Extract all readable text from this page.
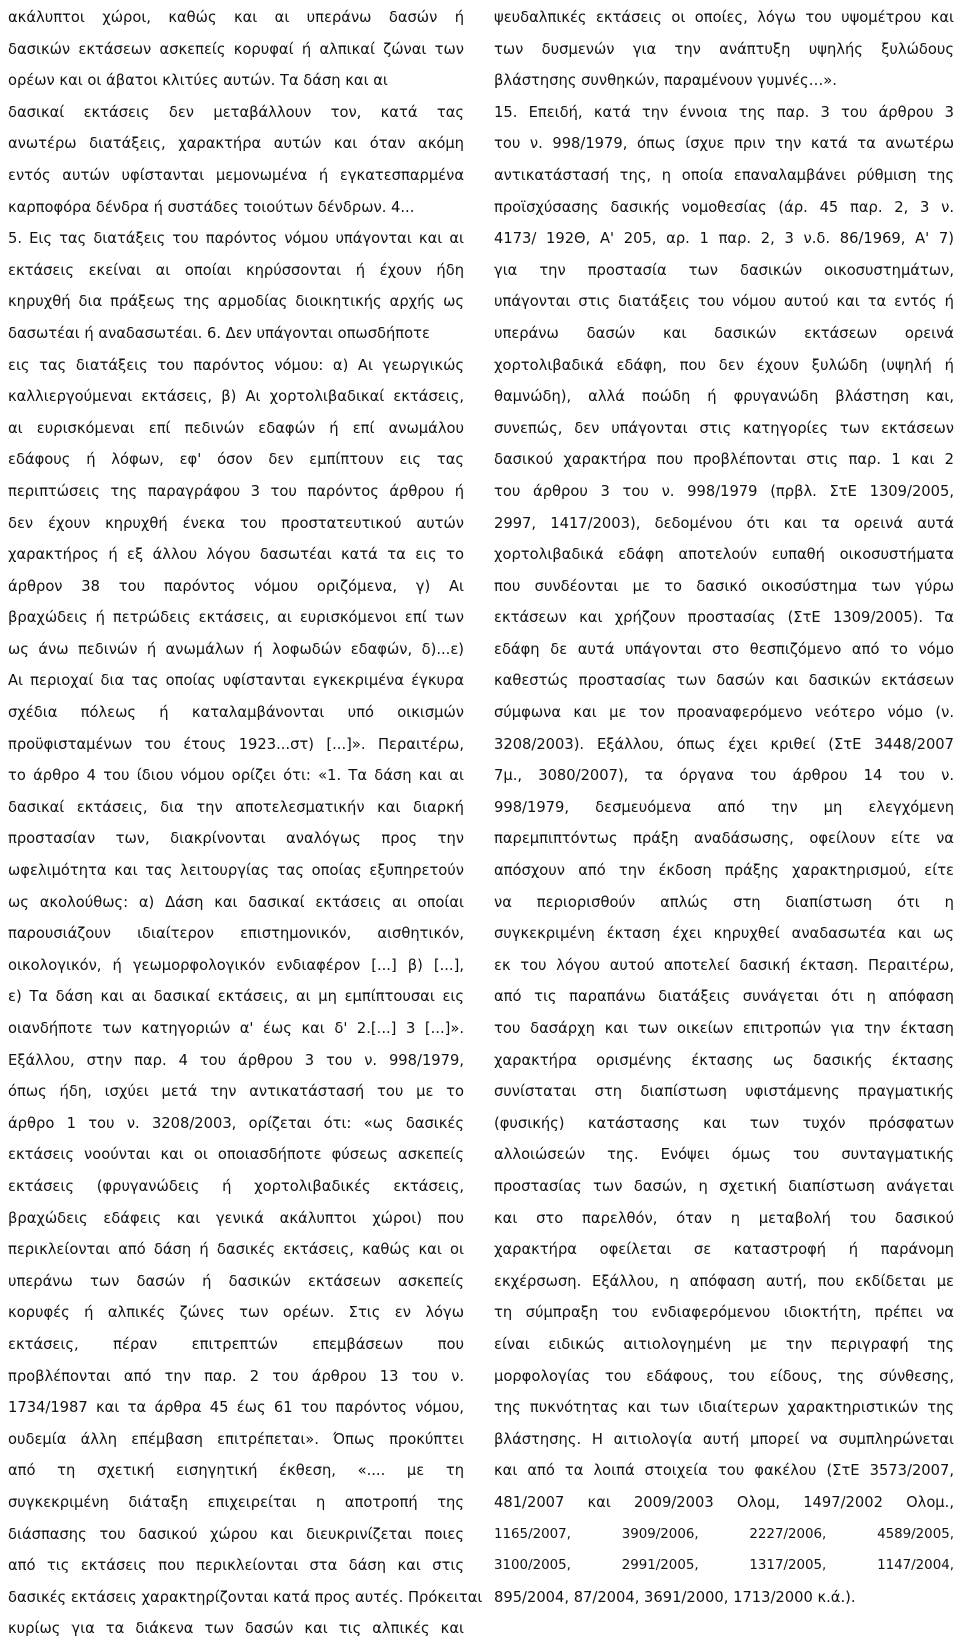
ακάλυπτοι χώροι, καθώς και αι υπεράνω δασών ή

δασικών εκτάσεων ασκεπείς κορυφαί ή αλπικαί ζώναι των

ορέων και οι άβατοι κλιτύες αυτών. Τα δάση και αι

δασικαί εκτάσεις δεν μεταβάλλουν τον, κατά τας

ανωτέρω διατάξεις, χαρακτήρα αυτών και όταν ακόμη

εντός αυτών υφίστανται μεμονωμένα ή εγκατεσπαρμένα

καρποφόρα δένδρα ή συστάδες τοιούτων δένδρων. 4...

5. Εις τας διατάξεις του παρόντος νόμου υπάγονται και αι

εκτάσεις εκείναι αι οποίαι κηρύσσονται ή έχουν ήδη

κηρυχθή δια πράξεως της αρμοδίας διοικητικής αρχής ως

δασωτέαι ή αναδασωτέαι. 6. Δεν υπάγονται οπωσδήποτε

εις τας διατάξεις του παρόντος νόμου: α) Αι γεωργικώς

καλλιεργούμεναι εκτάσεις, β) Αι χορτολιβαδικαί εκτάσεις,

αι ευρισκόμεναι επί πεδινών εδαφών ή επί ανωμάλου

εδάφους ή λόφων, εφ' όσον δεν εμπίπτουν εις τας

περιπτώσεις της παραγράφου 3 του παρόντος άρθρου ή

δεν έχουν κηρυχθή ένεκα του προστατευτικού αυτών

χαρακτήρος ή εξ άλλου λόγου δασωτέαι κατά τα εις το

άρθρον 38 του παρόντος νόμου οριζόμενα, γ) Αι

βραχώδεις ή πετρώδεις εκτάσεις, αι ευρισκόμενοι επί των

ως άνω πεδινών ή ανωμάλων ή λοφωδών εδαφών, δ)...ε)

Αι περιοχαί δια τας οποίας υφίστανται εγκεκριμένα έγκυρα

σχέδια πόλεως ή καταλαμβάνονται υπό οικισμών

προϋφισταμένων του έτους 1923...στ) [...]». Περαιτέρω,

το άρθρο 4 του ίδιου νόμου ορίζει ότι: «1. Τα δάση και αι

δασικαί εκτάσεις, δια την αποτελεσματικήν και διαρκή

προστασίαν των, διακρίνονται αναλόγως προς την

ωφελιμότητα και τας λειτουργίας τας οποίας εξυπηρετούν

ως ακολούθως: α) Δάση και δασικαί εκτάσεις αι οποίαι

παρουσιάζουν ιδιαίτερον επιστημονικόν, αισθητικόν,

οικολογικόν, ή γεωμορφολογικόν ενδιαφέρον [...] β) [...],

ε) Τα δάση και αι δασικαί εκτάσεις, αι μη εμπίπτουσαι εις

οιανδήποτε των κατηγοριών α' έως και δ' 2.[...] 3 [...]».

Εξάλλου, στην παρ. 4 του άρθρου 3 του ν. 998/1979,

όπως ήδη, ισχύει μετά την αντικατάστασή του με το

άρθρο 1 του ν. 3208/2003, ορίζεται ότι: «ως δασικές

εκτάσεις νοούνται και οι οποιασδήποτε φύσεως ασκεπείς

εκτάσεις (φρυγανώδεις ή χορτολιβαδικές εκτάσεις,

βραχώδεις εδάφεις και γενικά ακάλυπτοι χώροι) που

περικλείονται από δάση ή δασικές εκτάσεις, καθώς και οι

υπεράνω των δασών ή δασικών εκτάσεων ασκεπείς

κορυφές ή αλπικές ζώνες των ορέων. Στις εν λόγω

εκτάσεις, πέραν επιτρεπτών επεμβάσεων που

προβλέπονται από την παρ. 2 του άρθρου 13 του ν.

1734/1987 και τα άρθρα 45 έως 61 του παρόντος νόμου,

ουδεμία άλλη επέμβαση επιτρέπεται». Όπως προκύπτει

από τη σχετική εισηγητική έκθεση, «.... με τη

συγκεκριμένη διάταξη επιχειρείται η αποτροπή της

διάσπασης του δασικού χώρου και διευκρινίζεται ποιες

από τις εκτάσεις που περικλείονται στα δάση και στις

δασικές εκτάσεις χαρακτηρίζονται κατά προς αυτές. Πρόκειται

κυρίως για τα διάκενα των δασών και τις αλπικές και

ψευδαλπικές εκτάσεις οι οποίες, λόγω του υψομέτρου και

των δυσμενών για την ανάπτυξη υψηλής ξυλώδους

βλάστησης συνθηκών, παραμένουν γυμνές…».

15. Επειδή, κατά την έννοια της παρ. 3 του άρθρου 3

του ν. 998/1979, όπως ίσχυε πριν την κατά τα ανωτέρω

αντικατάστασή της, η οποία επαναλαμβάνει ρύθμιση της

προϊσχύσασης δασικής νομοθεσίας (άρ. 45 παρ. 2, 3 ν.

4173/ 192Θ, Α' 205, αρ. 1 παρ. 2, 3 ν.δ. 86/1969, Α' 7)

για την προστασία των δασικών οικοσυστημάτων,

υπάγονται στις διατάξεις του νόμου αυτού και τα εντός ή

υπεράνω δασών και δασικών εκτάσεων ορεινά

χορτολιβαδικά εδάφη, που δεν έχουν ξυλώδη (υψηλή ή

θαμνώδη), αλλά ποώδη ή φρυγανώδη βλάστηση και,

συνεπώς, δεν υπάγονται στις κατηγορίες των εκτάσεων

δασικού χαρακτήρα που προβλέπονται στις παρ. 1 και 2

του άρθρου 3 του ν. 998/1979 (πρβλ. ΣτΕ 1309/2005,

2997, 1417/2003), δεδομένου ότι και τα ορεινά αυτά

χορτολιβαδικά εδάφη αποτελούν ευπαθή οικοσυστήματα

που συνδέονται με το δασικό οικοσύστημα των γύρω

εκτάσεων και χρήζουν προστασίας (ΣτΕ 1309/2005). Τα

εδάφη δε αυτά υπάγονται στο θεσπιζόμενο από το νόμο

καθεστώς προστασίας των δασών και δασικών εκτάσεων

σύμφωνα και με τον προαναφερόμενο νεότερο νόμο (ν.

3208/2003). Εξάλλου, όπως έχει κριθεί (ΣτΕ 3448/2007

7μ., 3080/2007), τα όργανα του άρθρου 14 του ν.

998/1979, δεσμευόμενα από την μη ελεγχόμενη

παρεμπιπτόντως πράξη αναδάσωσης, οφείλουν είτε να

απόσχουν από την έκδοση πράξης χαρακτηρισμού, είτε

να περιορισθούν απλώς στη διαπίστωση ότι η

συγκεκριμένη έκταση έχει κηρυχθεί αναδασωτέα και ως

εκ του λόγου αυτού αποτελεί δασική έκταση. Περαιτέρω,

από τις παραπάνω διατάξεις συνάγεται ότι η απόφαση

του δασάρχη και των οικείων επιτροπών για την έκταση

χαρακτήρα ορισμένης έκτασης ως δασικής έκτασης

συνίσταται στη διαπίστωση υφιστάμενης πραγματικής

(φυσικής) κατάστασης και των τυχόν πρόσφατων

αλλοιώσεών της. Ενόψει όμως του συνταγματικής

προστασίας των δασών, η σχετική διαπίστωση ανάγεται

και στο παρελθόν, όταν η μεταβολή του δασικού

χαρακτήρα οφείλεται σε καταστροφή ή παράνομη

εκχέρσωση. Εξάλλου, η απόφαση αυτή, που εκδίδεται με

τη σύμπραξη του ενδιαφερόμενου ιδιοκτήτη, πρέπει να

είναι ειδικώς αιτιολογημένη με την περιγραφή της

μορφολογίας του εδάφους, του είδους, της σύνθεσης,

της πυκνότητας και των ιδιαίτερων χαρακτηριστικών της

βλάστησης. Η αιτιολογία αυτή μπορεί να συμπληρώνεται

και από τα λοιπά στοιχεία του φακέλου (ΣτΕ 3573/2007,

481/2007 και 2009/2003 Ολομ, 1497/2002 Ολομ.,

1165/2007, 3909/2006, 2227/2006, 4589/2005,

3100/2005, 2991/2005, 1317/2005, 1147/2004,

895/2004, 87/2004, 3691/2000, 1713/2000 κ.ά.).
